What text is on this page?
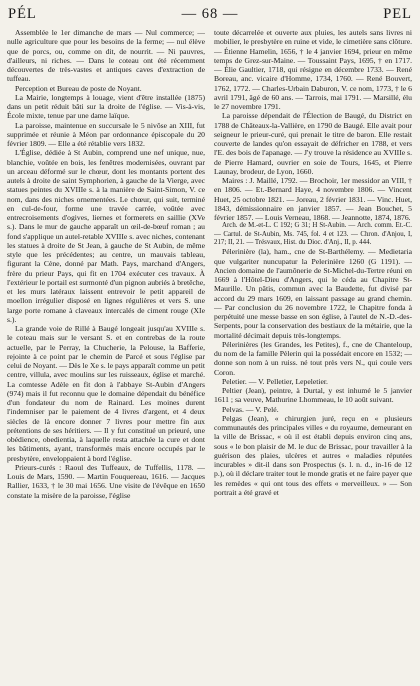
PÉL	— 68 —	PEL

Assemblée le 1er dimanche de mars — Nul commerce; — nulle agriculture que pour les besoins de la ferme; — nul élève que de porcs, ou, comme on dit, de nourrit. — Ni pauvres, d'ailleurs, ni riches. — Dans le coteau ont été récemment découvertes de très-vastes et antiques caves d'extraction de tuffeau.

Perception et Bureau de poste de Noyant.

La Mairie, longtemps à louage, vient d'être installée (1875) dans un petit réduit bâti sur la droite de l'église. — Vis-à-vis, École mixte, tenue par une dame laïque.

La paroisse, maintenue en succursale le 5 nivôse an XIII, fut supprimée et réunie à Méon par ordonnance épiscopale du 20 février 1809. — Elle a été rétablie vers 1832.

L'Église, dédiée à St Aubin, comprend une nef unique, nue, blanchie, voûtée en bois, les fenêtres modernisées, ouvrant par un arceau déformé sur le chœur, dont les montants portent des autels à droite de saint Symphorien, à gauche de la Vierge, avec statues peintes du XVIIIe s. à la manière de Saint-Simon, V. ce nom, dans des niches ornementées. Le chœur, qui suit, terminé en cul-de-four, forme une travée carrée, voûtée avec entrecroisements d'ogives, liernes et formerets en saillie (XVe s.). Dans le mur de gauche apparaît un œil-de-bœuf roman ; au fond s'applique un autel-retable XVIIIe s. avec niches, contenant les statues à droite de St Jean, à gauche de St Aubin, de même style que les précédentes; au centre, un mauvais tableau, figurant la Cène, donné par Math. Pays, marchand d'Angers, frère du prieur Pays, qui fit en 1704 exécuter ces travaux. À l'extérieur le portail est surmonté d'un pignon aubriés à bretêche, et les murs latéraux laissent entrevoir le petit appareil de moellon irrégulier disposé en lignes régulières et vers S. une large porte romane à claveaux intercalés de ciment rouge (XIe s.).

La grande voie de Rillé à Baugé longeait jusqu'au XVIIIe s. le coteau mais sur le versant S. et en contrebas de la route actuelle, par le Perray, la Chucherie, la Pelouse, la Bafferie, rejointe à ce point par le chemin de Parcé et sous l'église par celui de Noyant. — Dès le Xe s. le pays apparaît comme un petit centre, villula, avec moulins sur les ruisseaux, église et marché. La comtesse Adèle en fit don à l'abbaye St-Aubin d'Angers (974) mais il fut reconnu que le domaine dépendait du bénéfice d'un fondateur du nom de Rainard. Les moines durent l'indemniser par le paiement de 4 livres d'argent, et 4 deux siècles de là encore donner 7 livres pour mettre fin aux prétentions de ses héritiers. — Il y fut constitué un prieuré, une obédience, obedientia, à laquelle resta attachée la cure et dont les bâtiments, ayant, transformés mais encore occupés par le presbytère, enveloppaient à bord l'église.

Prieurs-curés : Raoul des Tuffeaux, de Tuffellis, 1178. — Louis de Mars, 1590. — Martin Fouquereau, 1616. — Jacques Rallier, 1633, † le 30 mai 1656. Une visite de l'évêque en 1650 constate la misère de la paroisse, l'église

toute décarrelée et ouverte aux pluies, les autels sans livres ni mobilier, le presbytère en ruine et vide, le cimetière sans clôture. — Étienne Hamelin, 1656, † le 4 janvier 1694, prieur en même temps de Grez-sur-Maine. — Toussaint Pays, 1695, † en 1717. — Élie Gaultier, 1718, qui résigne en décembre 1733. — René Boreau, anc. vicaire d'Homme, 1734, 1760. — René Bouvert, 1762, 1772. — Charles-Urbain Daburon, V. ce nom, 1773, † le 6 avril 1791, âgé de 60 ans. — Tarrois, mai 1791. — Marsillé, élu le 27 novembre 1791.

La paroisse dépendait de l'Élection de Baugé, du District en 1788 de Châteaux-la-Vallière, en 1790 de Baugé. Elle avait pour seigneur le prieur-curé, qui prenait le titre de baron. Elle restait couverte de landes qu'on essayait de défricher en 1788, et vers l'E. des bois de l'apanage. — J'y trouve la résidence au XVIIIe s. de Pierre Hamard, ouvrier en soie de Tours, 1645, et Pierre Launay, brodeur, de Lyon, 1660.

Maires : J. Maillé, 1792. — Brochoir, 1er messidor an VIII, † en 1806. — Et.-Bernard Haye, 4 novembre 1806. — Vincent Huet, 25 octobre 1821. — Joreau, 2 février 1831. — Vinc. Huet, 1843, démissionnaire en janvier 1857. — Jean Bouchet, 5 février 1857. — Louis Verneau, 1868. — Jeannotte, 1874, 1876.

Arch. de M.-et-L. C 192; G 31; H St-Aubin. — Arch. comm. Et.-C. — Cartul. de St-Aubin, Ms. 745, fol. 4 et 123. — Chron. d'Anjou, I, 217; II, 21. — Trésvaux, Hist. du Dioc. d'Anj., II, p. 444.

Pélerinière (la), ham., cne de St-Barthélemy. — Medietaria que vulgariter nuncupatur la Pelerinière 1260 (G 1191). — Ancien domaine de l'aumônerie de St-Michel-du-Tertre réuni en 1669 à l'Hôtel-Dieu d'Angers, qui le céda au Chapitre St-Maurille. Un pâtis, commun avec la Baudette, fut divisé par accord du 29 mars 1609, en laissant passage au grand chemin. — Par conclusion du 26 novembre 1722, le Chapitre fonda à perpétuité une messe basse en son église, à l'autel de N.-D.-des-Serpents, pour la conservation des bestiaux de la métairie, que la mortalité décimait depuis très-longtemps.

Pélerinières (les Grandes, les Petites), f., cne de Chanteloup, du nom de la famille Pèlerin qui la possédait encore en 1532; — donne son nom à un ruiss. né tout près vers N., qui coule vers Coron.

Peletier. — V. Pelletier, Lepeletier.

Peltier (Jean), peintre, à Durtal, y est inhumé le 5 janvier 1611 ; sa veuve, Mathurine Lhommeau, le 10 août suivant.

Pelvas. — V. Pelé.

Pelgas (Jean), « chirurgien juré, reçu en « plusieurs communautés des principales villes « du royaume, demeurant en la ville de Brissac, « où il est établi depuis environ cinq ans, sous « le bon plaisir de M. le duc de Brissac, pour travailler à la guérison des plaies, ulcères et autres « maladies réputées incurables » dit-il dans son Prospectus (s. l. n. d., in-16 de 12 p.), où il déclare traiter tout le monde gratis et ne faire payer que les remèdes « qui ont tous des effets « merveilleux. » — Son portrait a été gravé et
